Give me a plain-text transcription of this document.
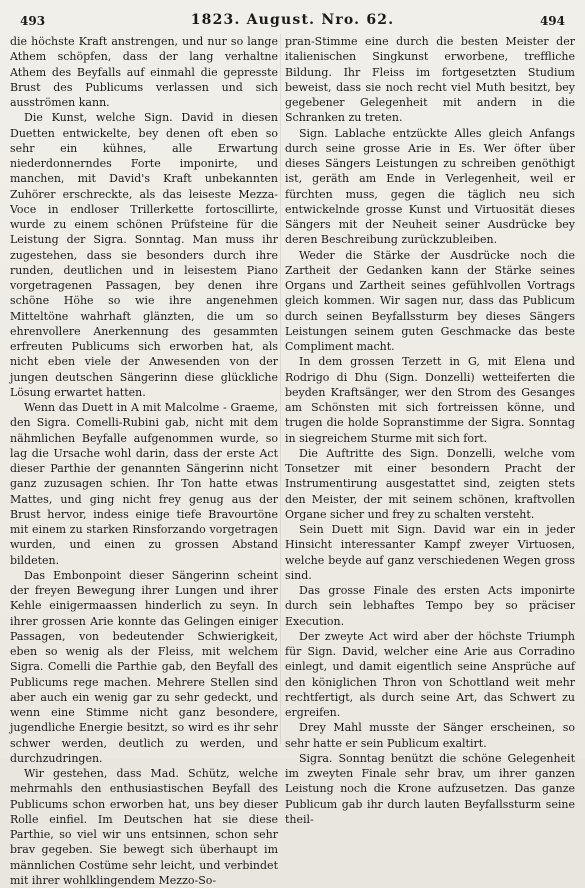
493	1823. August. Nro. 62.	494

die höchste Kraft anstrengen, und nur so lange Athem schöpfen, dass der lang verhaltne Athem des Beyfalls auf einmahl die gepresste Brust des Publicums verlassen und sich ausströmen kann.

Die Kunst, welche Sign. David in diesen Duetten entwickelte, bey denen oft eben so sehr ein kühnes, alle Erwartung niederdonnerndes Forte imponirte, und manchen, mit David's Kraft unbekannten Zuhörer erschreckte, als das leiseste Mezza-Voce in endloser Trillerkette fortoscillirte, wurde zu einem schönen Prüfsteine für die Leistung der Sigra. Sonntag. Man muss ihr zugestehen, dass sie besonders durch ihre runden, deutlichen und in leisestem Piano vorgetragenen Passagen, bey denen ihre schöne Höhe so wie ihre angenehmen Mitteltöne wahrhaft glänzten, die um so ehrenvollere Anerkennung des gesammten erfreuten Publicums sich erworben hat, als nicht eben viele der Anwesenden von der jungen deutschen Sängerinn diese glückliche Lösung erwartet hatten.

Wenn das Duett in A mit Malcolme - Graeme, den Sigra. Comelli-Rubini gab, nicht mit dem nähmlichen Beyfalle aufgenommen wurde, so lag die Ursache wohl darin, dass der erste Act dieser Parthie der genannten Sängerinn nicht ganz zuzusagen schien. Ihr Ton hatte etwas Mattes, und ging nicht frey genug aus der Brust hervor, indess einige tiefe Bravourtöne mit einem zu starken Rinsforzando vorgetragen wurden, und einen zu grossen Abstand bildeten.

Das Embonpoint dieser Sängerinn scheint der freyen Bewegung ihrer Lungen und ihrer Kehle einigermaassen hinderlich zu seyn. In ihrer grossen Arie konnte das Gelingen einiger Passagen, von bedeutender Schwierigkeit, eben so wenig als der Fleiss, mit welchem Sigra. Comelli die Parthie gab, den Beyfall des Publicums rege machen. Mehrere Stellen sind aber auch ein wenig gar zu sehr gedeckt, und wenn eine Stimme nicht ganz besondere, jugendliche Energie besitzt, so wird es ihr sehr schwer werden, deutlich zu werden, und durchzudringen.

Wir gestehen, dass Mad. Schütz, welche mehrmahls den enthusiastischen Beyfall des Publicums schon erworben hat, uns bey dieser Rolle einfiel. Im Deutschen hat sie diese Parthie, so viel wir uns entsinnen, schon sehr brav gegeben. Sie bewegt sich überhaupt im männlichen Costüme sehr leicht, und verbindet mit ihrer wohlklingendem Mezzo-So-

pran-Stimme eine durch die besten Meister der italienischen Singkunst erworbene, treffliche Bildung. Ihr Fleiss im fortgesetzten Studium beweist, dass sie noch recht viel Muth besitzt, bey gegebener Gelegenheit mit andern in die Schranken zu treten.

Sign. Lablache entzückte Alles gleich Anfangs durch seine grosse Arie in Es. Wer öfter über dieses Sängers Leistungen zu schreiben genöthigt ist, geräth am Ende in Verlegenheit, weil er fürchten muss, gegen die täglich neu sich entwickelnde grosse Kunst und Virtuosität dieses Sängers mit der Neuheit seiner Ausdrücke bey deren Beschreibung zurückzubleiben.

Weder die Stärke der Ausdrücke noch die Zartheit der Gedanken kann der Stärke seines Organs und Zartheit seines gefühlvollen Vortrags gleich kommen. Wir sagen nur, dass das Publicum durch seinen Beyfallssturm bey dieses Sängers Leistungen seinem guten Geschmacke das beste Compliment macht.

In dem grossen Terzett in G, mit Elena und Rodrigo di Dhu (Sign. Donzelli) wetteiferten die beyden Kraftsänger, wer den Strom des Gesanges am Schönsten mit sich fortreissen könne, und trugen die holde Sopranstimme der Sigra. Sonntag in siegreichem Sturme mit sich fort.

Die Auftritte des Sign. Donzelli, welche vom Tonsetzer mit einer besondern Pracht der Instrumentirung ausgestattet sind, zeigten stets den Meister, der mit seinem schönen, kraftvollen Organe sicher und frey zu schalten versteht.

Sein Duett mit Sign. David war ein in jeder Hinsicht interessanter Kampf zweyer Virtuosen, welche beyde auf ganz verschiedenen Wegen gross sind.

Das grosse Finale des ersten Acts imponirte durch sein lebhaftes Tempo bey so präciser Execution.

Der zweyte Act wird aber der höchste Triumph für Sign. David, welcher eine Arie aus Corradino einlegt, und damit eigentlich seine Ansprüche auf den königlichen Thron von Schottland weit mehr rechtfertigt, als durch seine Art, das Schwert zu ergreifen.

Drey Mahl musste der Sänger erscheinen, so sehr hatte er sein Publicum exaltirt.

Sigra. Sonntag benützt die schöne Gelegenheit im zweyten Finale sehr brav, um ihrer ganzen Leistung noch die Krone aufzusetzen. Das ganze Publicum gab ihr durch lauten Beyfallssturm seine theil-
